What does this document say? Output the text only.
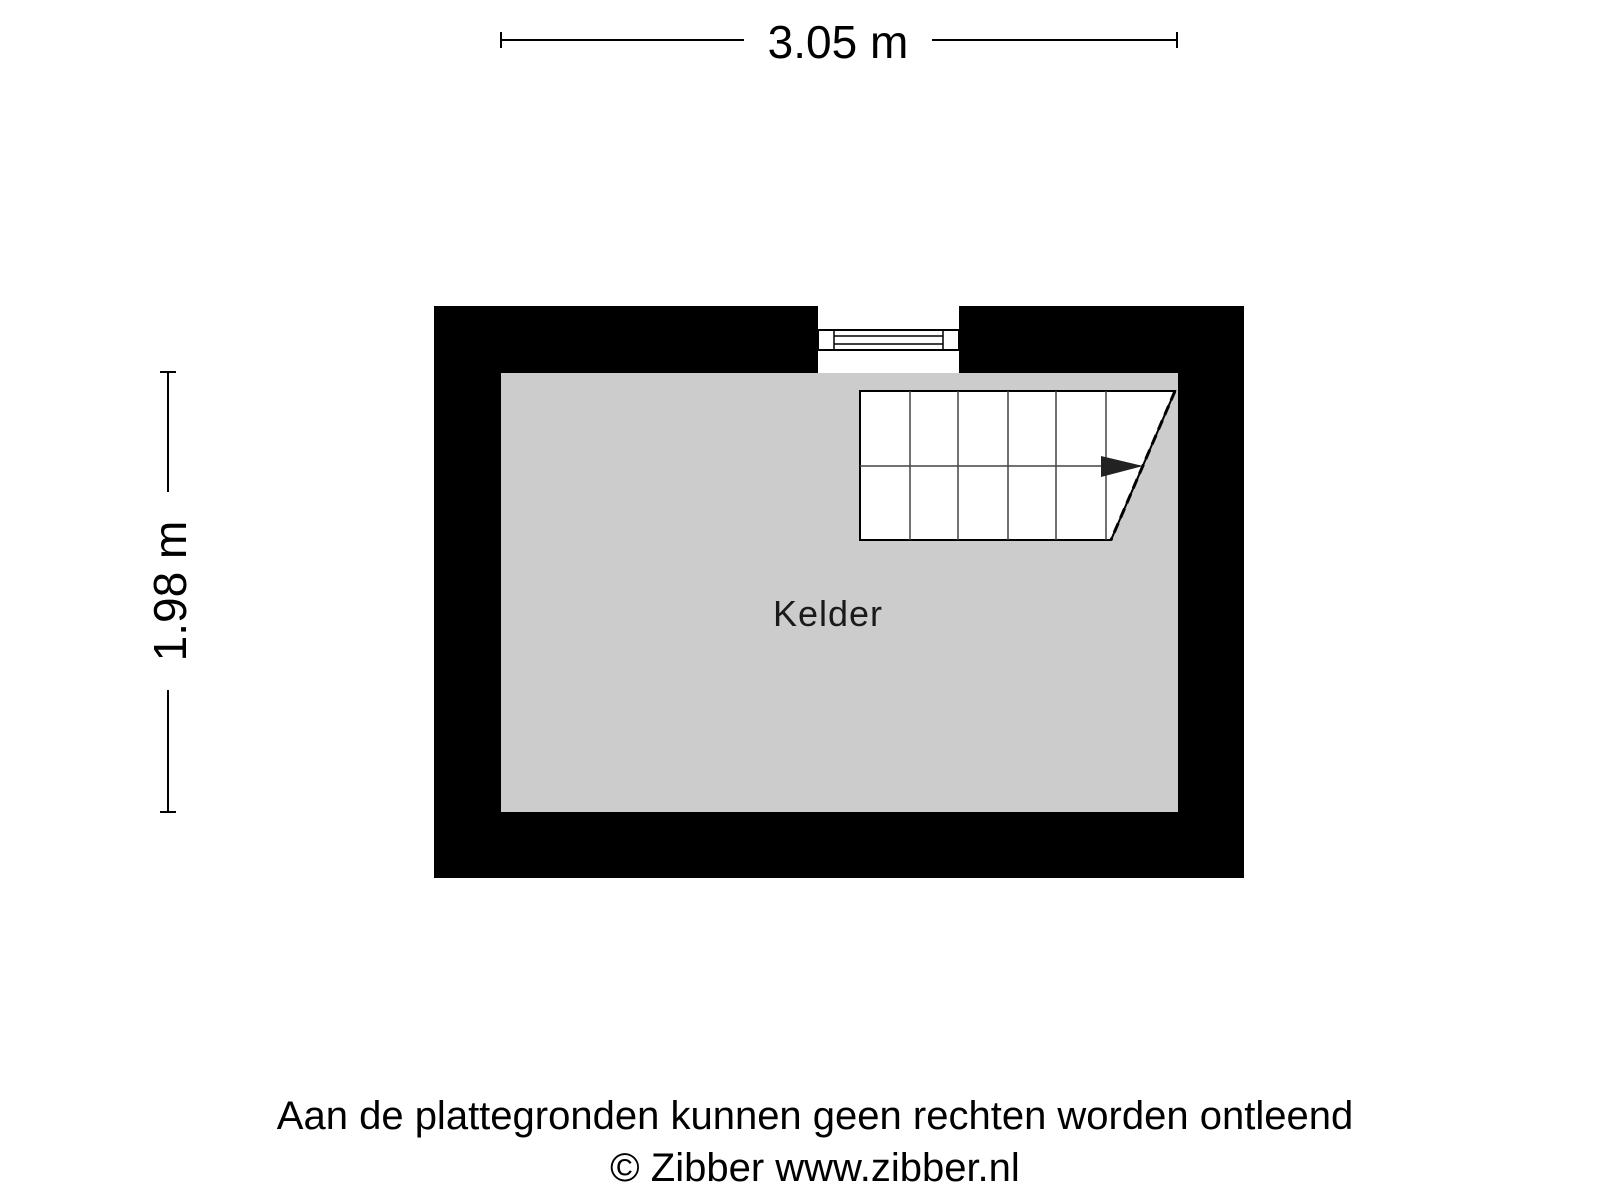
3.05 m
1.98 m	Kelder
Aan de plattegronden kunnen geen rechten worden ontleend
© Zibber www.zibber.nl
